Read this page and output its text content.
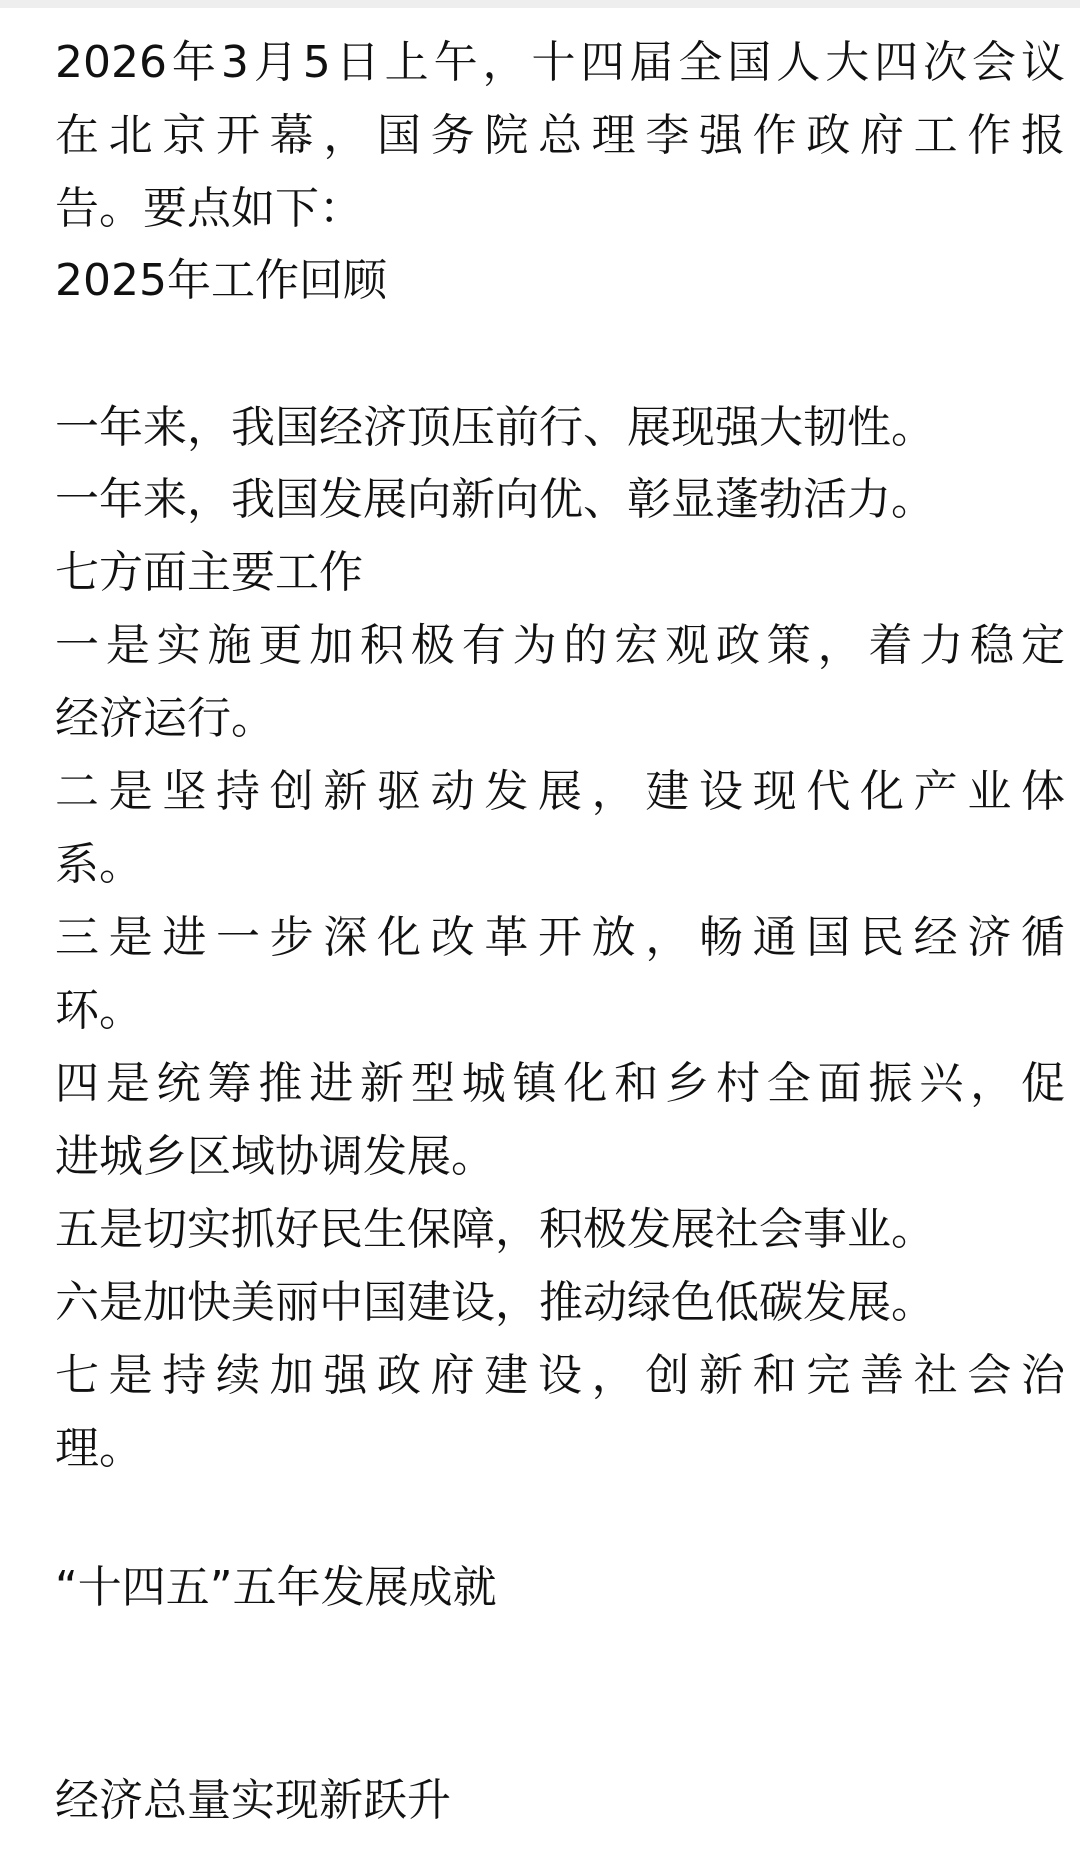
2026年3月5日上午，十四届全国人大四次会议
在北京开幕，国务院总理李强作政府工作报
告。要点如下：
2025年工作回顾
一年来，我国经济顶压前行、展现强大韧性。
一年来，我国发展向新向优、彰显蓬勃活力。
七方面主要工作
一是实施更加积极有为的宏观政策，着力稳定
经济运行。
二是坚持创新驱动发展，建设现代化产业体
系。
三是进一步深化改革开放，畅通国民经济循
环。
四是统筹推进新型城镇化和乡村全面振兴，促
进城乡区域协调发展。
五是切实抓好民生保障，积极发展社会事业。
六是加快美丽中国建设，推动绿色低碳发展。
七是持续加强政府建设，创新和完善社会治
理。
“十四五”五年发展成就
经济总量实现新跃升
